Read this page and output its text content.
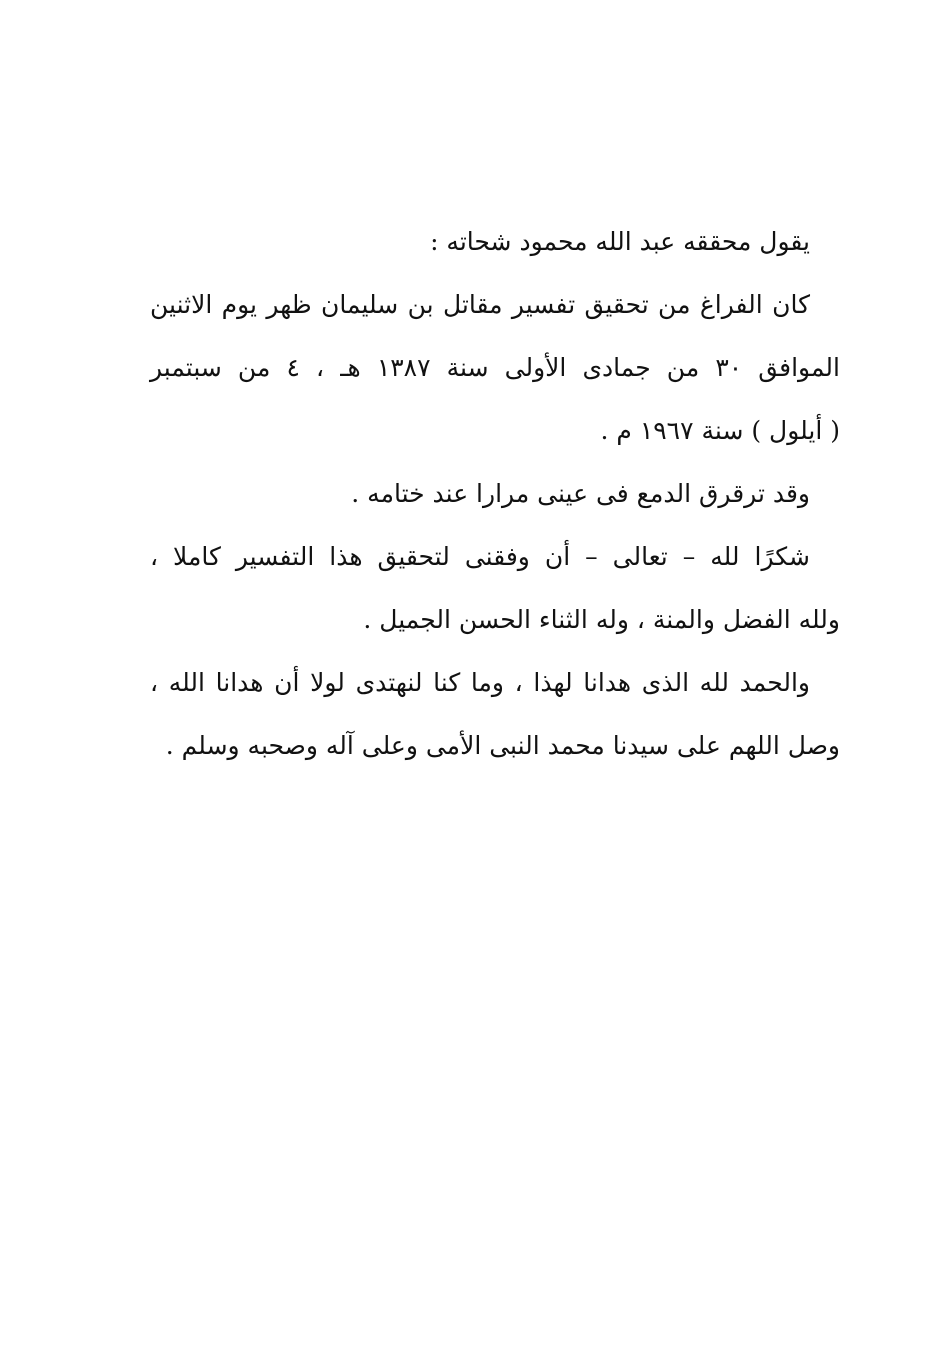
يقول محققه عبد الله محمود شحاته :
كان الفراغ من تحقيق تفسير مقاتل بن سليمان ظهر يوم الاثنين
الموافق ٣٠ من جمادى الأولى سنة ١٣٨٧ هـ ، ٤ من سبتمبر
( أيلول ) سنة ١٩٦٧ م .
وقد ترقرق الدمع فى عينى مرارا عند ختامه .
شكرًا لله – تعالى – أن وفقنى لتحقيق هذا التفسير كاملا ،
ولله الفضل والمنة ، وله الثناء الحسن الجميل .
والحمد لله الذى هدانا لهذا ، وما كنا لنهتدى لولا أن هدانا الله ،
وصل اللهم على سيدنا محمد النبى الأمى وعلى آله وصحبه وسلم .
